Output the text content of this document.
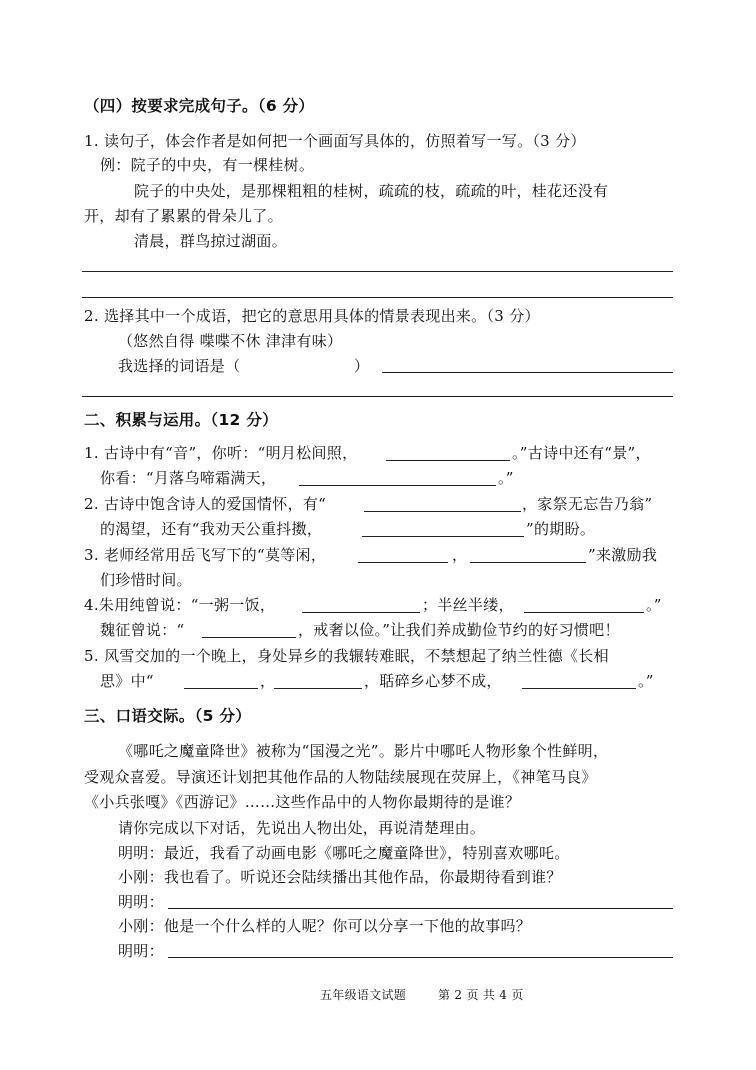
（四）按要求完成句子。（6 分）
1. 读句子，体会作者是如何把一个画面写具体的，仿照着写一写。（3 分）
例：院子的中央，有一棵桂树。
院子的中央处，是那棵粗粗的桂树，疏疏的枝，疏疏的叶，桂花还没有
开，却有了累累的骨朵儿了。
清晨，群鸟掠过湖面。
2. 选择其中一个成语，把它的意思用具体的情景表现出来。（3 分）
（悠然自得 喋喋不休 津津有味）
我选择的词语是（	）
二、积累与运用。（12 分）
1. 古诗中有“音”，你听：“明月松间照，	。”古诗中还有“景”，
你看：“月落乌啼霜满天，	。”
2. 古诗中饱含诗人的爱国情怀，有“	，家祭无忘告乃翁”
的渴望，还有“我劝天公重抖擞，	”的期盼。
3. 老师经常用岳飞写下的“莫等闲，	，	”来激励我
们珍惜时间。
4.朱用纯曾说：“一粥一饭，	；半丝半缕，	。”
魏征曾说：“	，戒奢以俭。”让我们养成勤俭节约的好习惯吧！
5. 风雪交加的一个晚上，身处异乡的我辗转难眠，不禁想起了纳兰性德《长相
思》中“	，	，聒碎乡心梦不成，	。”
三、口语交际。（5 分）
《哪吒之魔童降世》被称为“国漫之光”。影片中哪吒人物形象个性鲜明，
受观众喜爱。导演还计划把其他作品的人物陆续展现在荧屏上，《神笔马良》
《小兵张嘎》《西游记》……这些作品中的人物你最期待的是谁？
请你完成以下对话，先说出人物出处，再说清楚理由。
明明：最近，我看了动画电影《哪吒之魔童降世》，特别喜欢哪吒。
小刚：我也看了。听说还会陆续播出其他作品，你最期待看到谁？
明明：
小刚：他是一个什么样的人呢？你可以分享一下他的故事吗？
明明：
五年级语文试题	第 2 页 共 4 页
